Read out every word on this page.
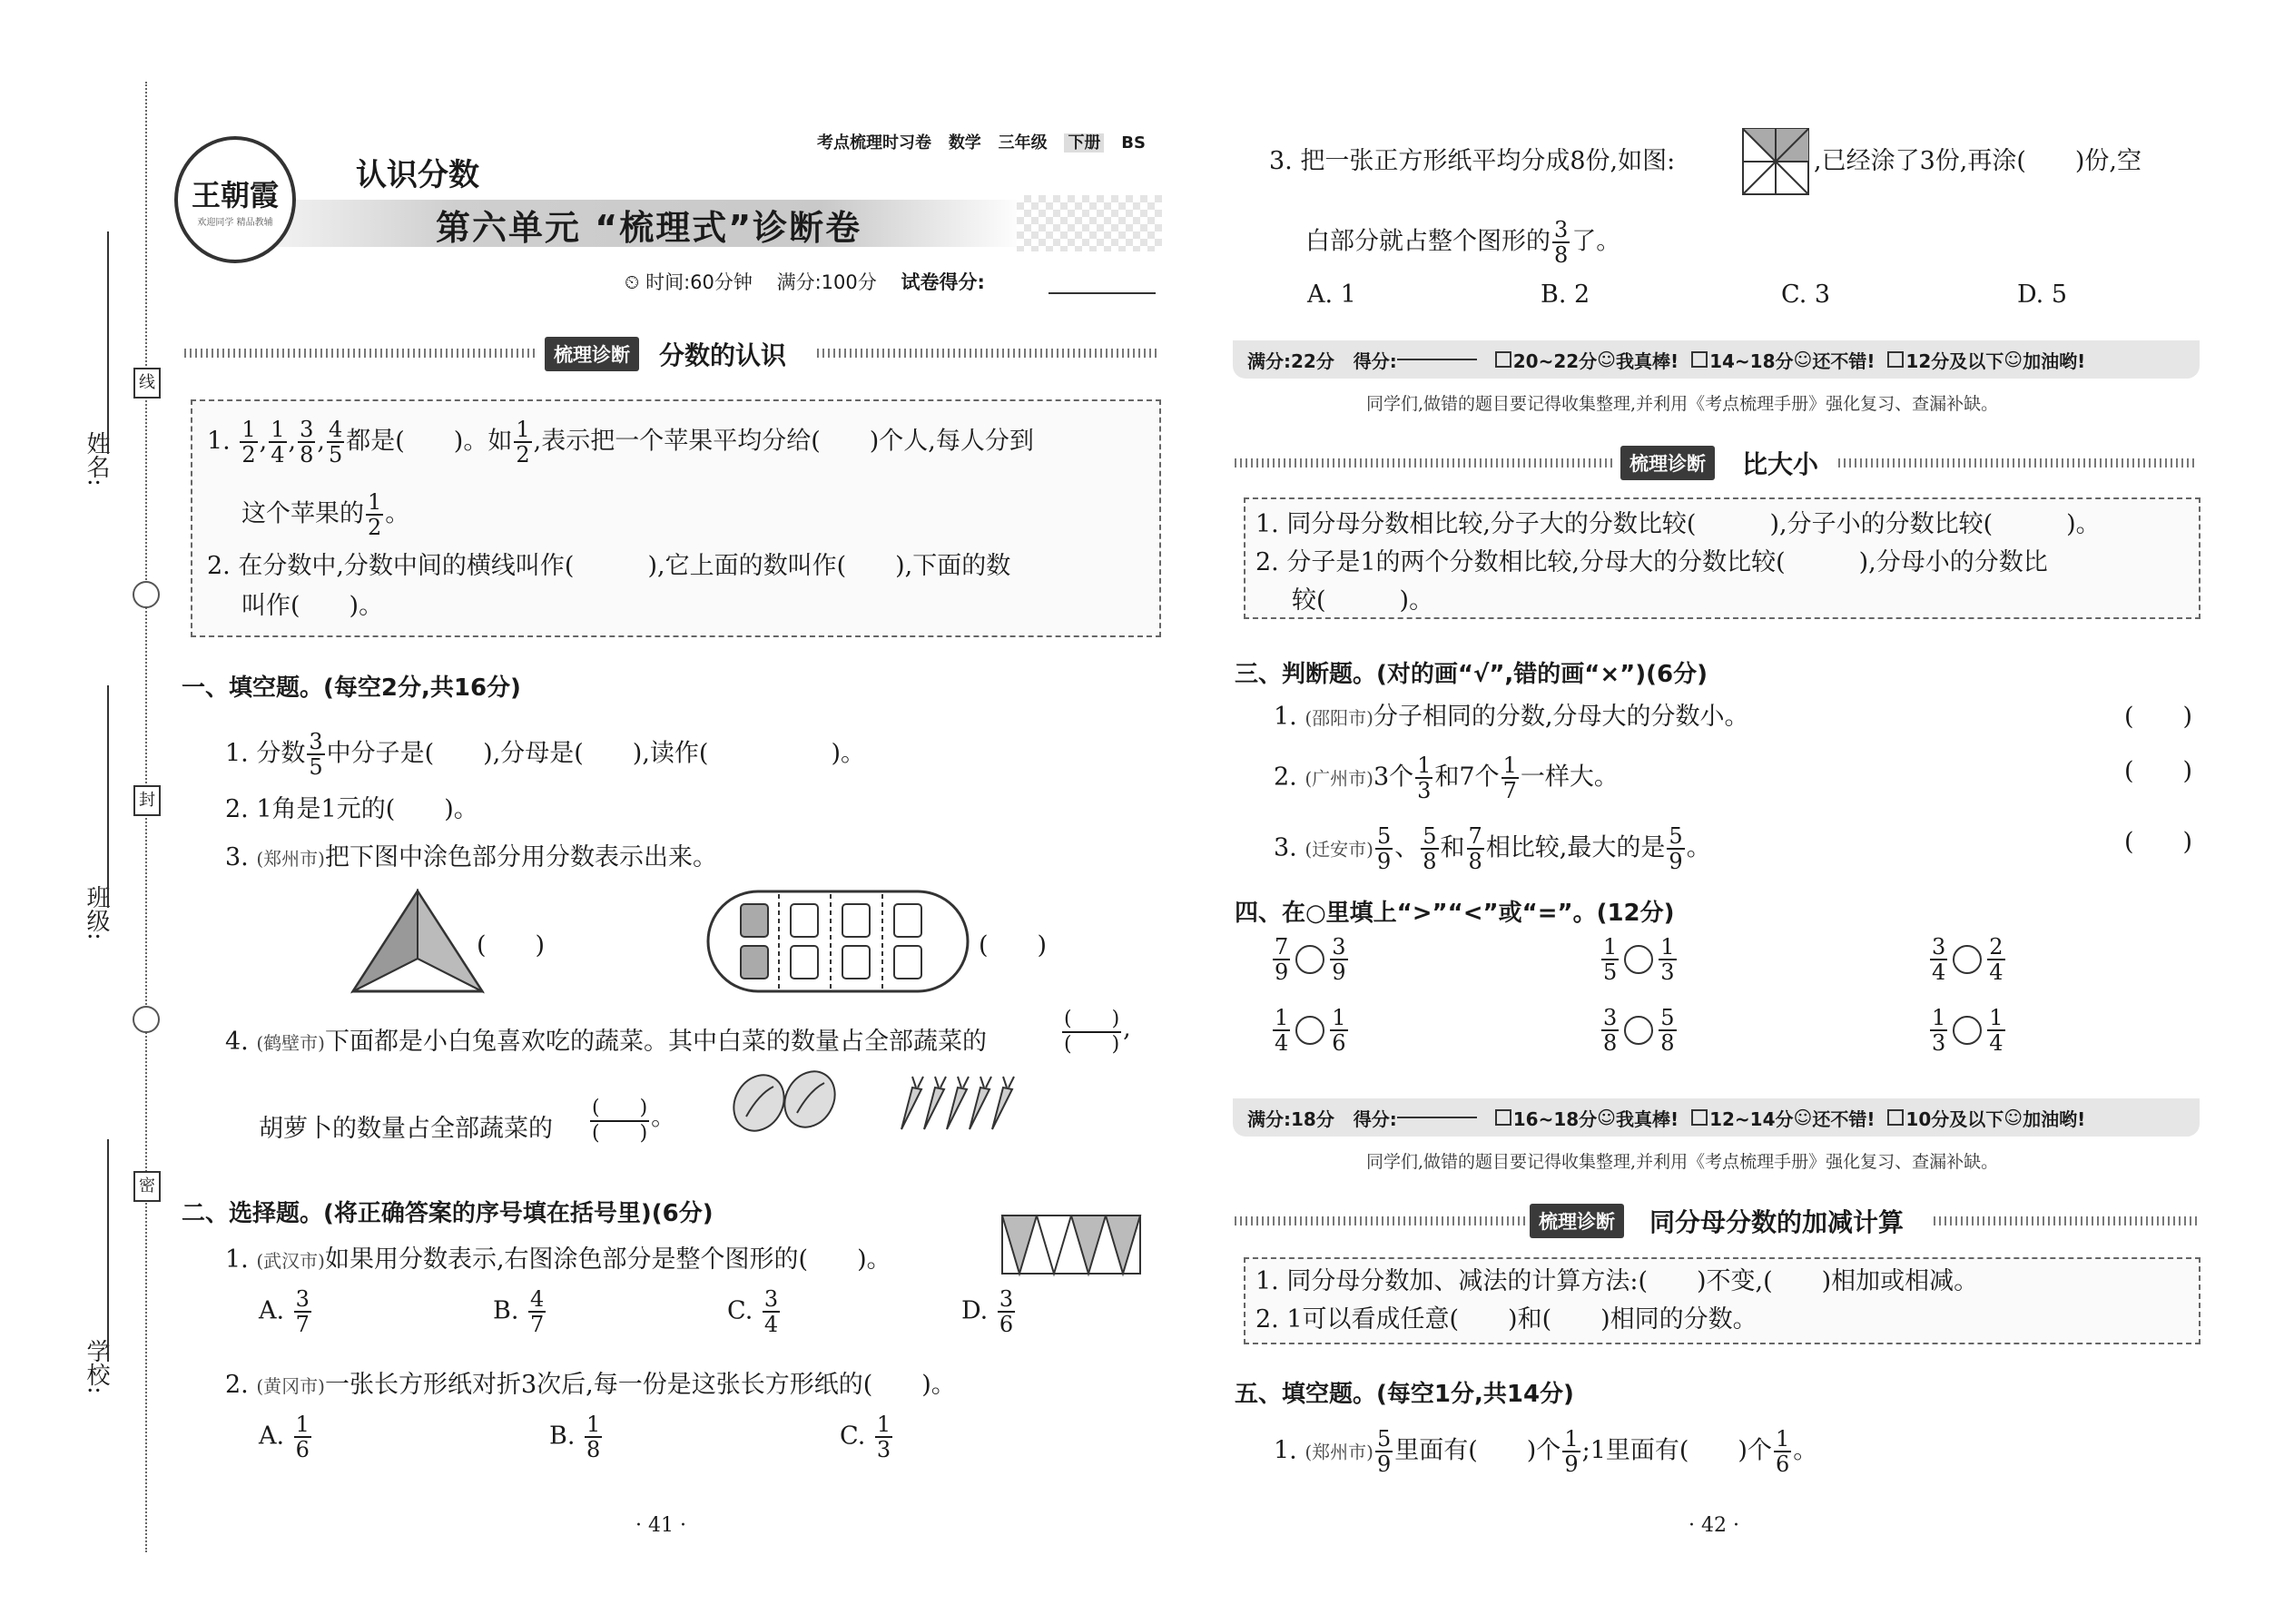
姓名:
班级:
学校:
线
封
密
考点梳理时习卷 数学 三年级 下册 BS
王朝霞
欢迎同学 精品教辅
认识分数
第六单元 “梳理式”诊断卷
⏲ 时间:60分钟 满分:100分 试卷得分:
梳理诊断	分数的认识
1. $\frac{1}{2}$ , $\frac{1}{4}$ , $\frac{3}{8}$ , $\frac{4}{5}$ 都是(　　)。如 $\frac{1}{2}$ ,表示把一个苹果平均分给(　　)个人,每人分到
这个苹果的 $\frac{1}{2}$ 。
2. 在分数中,分数中间的横线叫作(　　　),它上面的数叫作(　　),下面的数
叫作(　　)。
一、填空题。(每空2分,共16分)
1. 分数 $\frac{3}{5}$ 中分子是(　　),分母是(　　),读作(　　　　　)。
2. 1角是1元的(　　)。
3. (郑州市)把下图中涂色部分用分数表示出来。
(　　)	(　　)
4. (鹤壁市)下面都是小白兔喜欢吃的蔬菜。其中白菜的数量占全部蔬菜的	$\frac{( )}{( )}$ ,
胡萝卜的数量占全部蔬菜的 $\frac{( )}{( )}$ 。
二、选择题。(将正确答案的序号填在括号里)(6分)
1. (武汉市)如果用分数表示,右图涂色部分是整个图形的(　　)。
A. $\frac{3}{7}$	B. $\frac{4}{7}$	C. $\frac{3}{4}$	D. $\frac{3}{6}$
2. (黄冈市)一张长方形纸对折3次后,每一份是这张长方形纸的(　　)。
A. $\frac{1}{6}$	B. $\frac{1}{8}$	C. $\frac{1}{3}$
· 41 ·
3. 把一张正方形纸平均分成8份,如图:	,已经涂了3份,再涂(　　)份,空
白部分就占整个图形的 $\frac{3}{8}$ 了。
A. 1	B. 2	C. 3	D. 5
满分:22分
得分:	20~22分 ☺ 我真棒!
14~18分 ☺ 还不错!
12分及以下 ☺ 加油哟!
同学们,做错的题目要记得收集整理,并利用《考点梳理手册》强化复习、查漏补缺。
梳理诊断	比大小
1. 同分母分数相比较,分子大的分数比较(　　　),分子小的分数比较(　　　)。
2. 分子是1的两个分数相比较,分母大的分数比较(　　　),分母小的分数比
较(　　　)。
三、判断题。(对的画“√”,错的画“×”)(6分)
1. (邵阳市)分子相同的分数,分母大的分数小。	(　　)
2. (广州市)3个 $\frac{1}{3}$ 和7个 $\frac{1}{7}$ 一样大。	(　　)
3. (迁安市) $\frac{5}{9}$ 、 $\frac{5}{8}$ 和 $\frac{7}{8}$ 相比较,最大的是 $\frac{5}{9}$ 。	(　　)
四、在○里填上“>”“<”或“=”。(12分)
$\frac{7}{9} \frac{3}{9}$	$\frac{1}{5} \frac{1}{3}$	$\frac{3}{4} \frac{2}{4}$
$\frac{1}{4} \frac{1}{6}$	$\frac{3}{8} \frac{5}{8}$	$\frac{1}{3} \frac{1}{4}$
满分:18分
得分:	16~18分 ☺ 我真棒!
12~14分 ☺ 还不错!
10分及以下 ☺ 加油哟!
同学们,做错的题目要记得收集整理,并利用《考点梳理手册》强化复习、查漏补缺。
梳理诊断	同分母分数的加减计算
1. 同分母分数加、减法的计算方法:(　　)不变,(　　)相加或相减。
2. 1可以看成任意(　　)和(　　)相同的分数。
五、填空题。(每空1分,共14分)
1. (郑州市) $\frac{5}{9}$ 里面有(　　)个 $\frac{1}{9}$ ;1里面有(　　)个 $\frac{1}{6}$ 。
· 42 ·
